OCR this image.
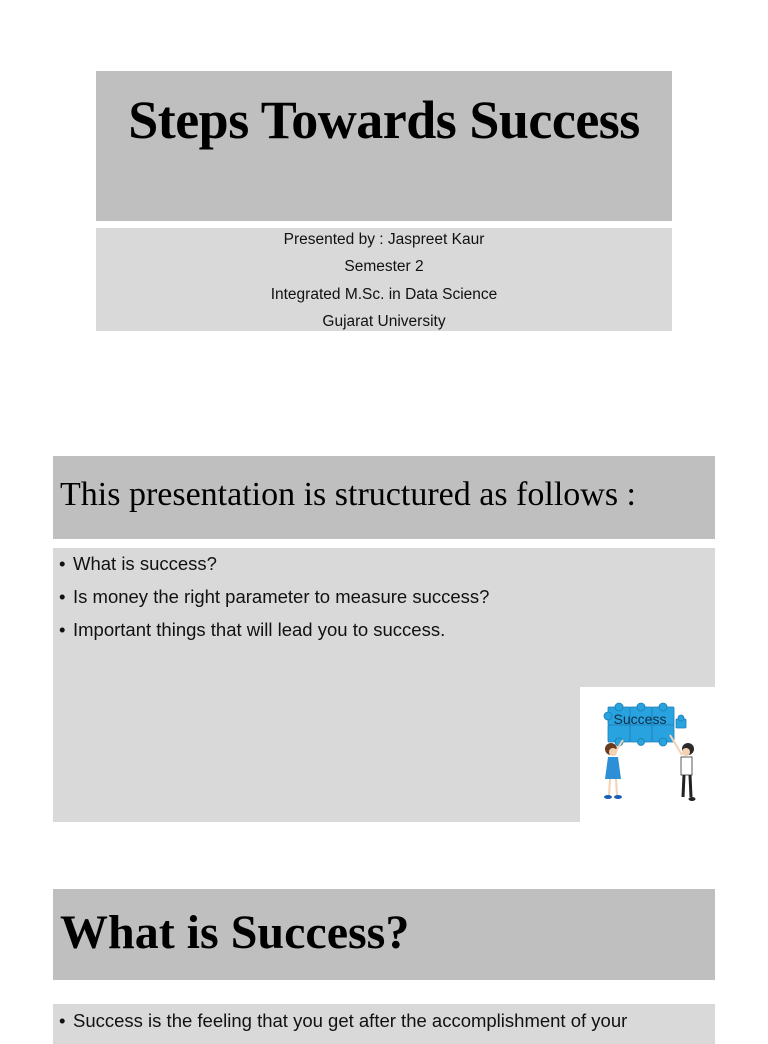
Steps Towards Success
Presented by : Jaspreet Kaur
Semester 2
Integrated M.Sc. in Data Science
Gujarat University
This presentation is structured as follows :
• What is success?
• Is money the right parameter to measure success?
• Important things that will lead you to success.
Success
What is Success?
• Success is the feeling that you get after the accomplishment of your
